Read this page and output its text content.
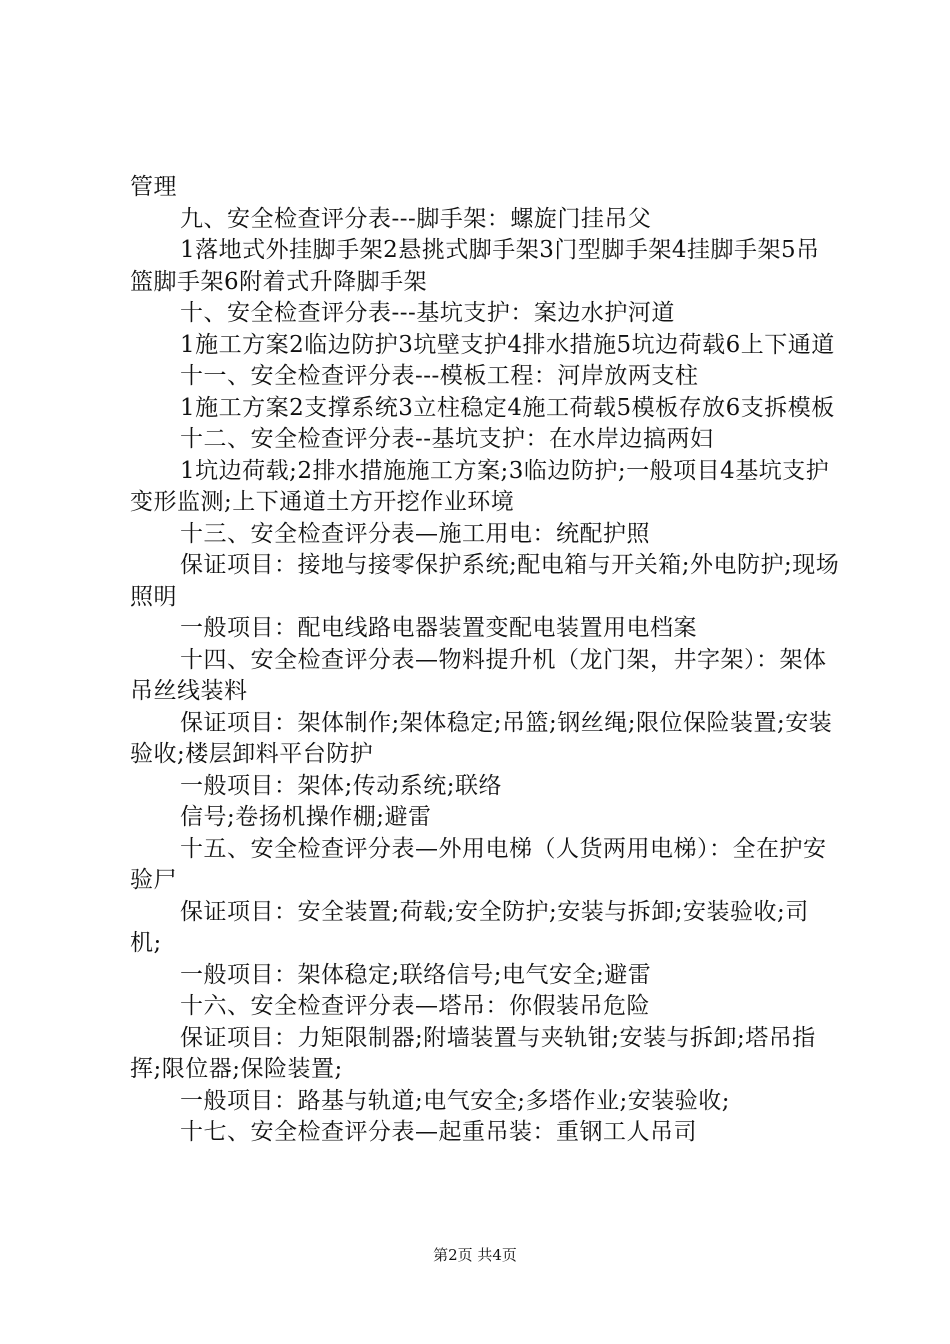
管理

九、安全检查评分表---脚手架：螺旋门挂吊父

1落地式外挂脚手架2悬挑式脚手架3门型脚手架4挂脚手架5吊篮脚手架6附着式升降脚手架

十、安全检查评分表---基坑支护：案边水护河道

1施工方案2临边防护3坑壁支护4排水措施5坑边荷载6上下通道

十一、安全检查评分表---模板工程：河岸放两支柱

1施工方案2支撑系统3立柱稳定4施工荷载5模板存放6支拆模板

十二、安全检查评分表--基坑支护：在水岸边搞两妇

1坑边荷载;2排水措施施工方案;3临边防护;一般项目4基坑支护变形监测;上下通道土方开挖作业环境

十三、安全检查评分表—施工用电：统配护照

保证项目：接地与接零保护系统;配电箱与开关箱;外电防护;现场照明

一般项目：配电线路电器装置变配电装置用电档案

十四、安全检查评分表—物料提升机（龙门架，井字架）：架体吊丝线装料

保证项目：架体制作;架体稳定;吊篮;钢丝绳;限位保险装置;安装验收;楼层卸料平台防护

一般项目：架体;传动系统;联络

信号;卷扬机操作棚;避雷

十五、安全检查评分表—外用电梯（人货两用电梯）：全在护安验尸

保证项目：安全装置;荷载;安全防护;安装与拆卸;安装验收;司机;

一般项目：架体稳定;联络信号;电气安全;避雷

十六、安全检查评分表—塔吊：你假装吊危险

保证项目：力矩限制器;附墙装置与夹轨钳;安装与拆卸;塔吊指挥;限位器;保险装置;

一般项目：路基与轨道;电气安全;多塔作业;安装验收;

十七、安全检查评分表—起重吊装：重钢工人吊司

第2页 共4页
